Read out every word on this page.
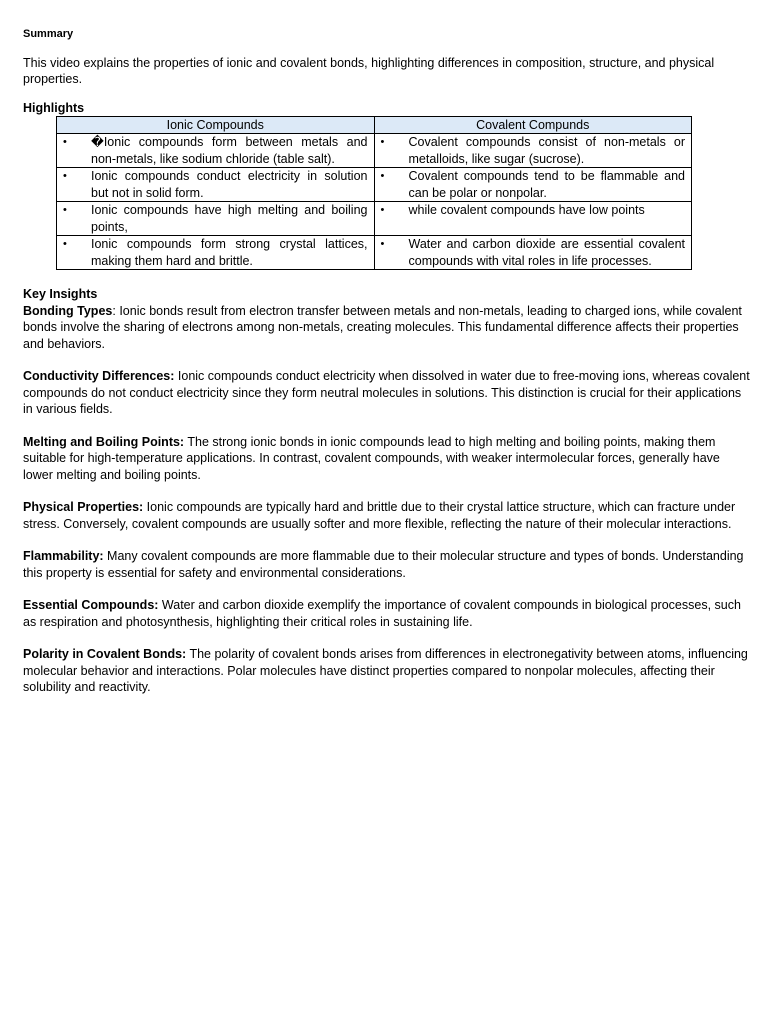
Summary
This video explains the properties of ionic and covalent bonds, highlighting differences in composition, structure, and physical properties.
Highlights
Ionic Compounds	Covalent Compunds

• �Ionic compounds form between metals and non-metals, like sodium chloride (table salt).	• Covalent compounds consist of non-metals or metalloids, like sugar (sucrose).

• Ionic compounds conduct electricity in solution but not in solid form.	• Covalent compounds tend to be flammable and can be polar or nonpolar.

• Ionic compounds have high melting and boiling points,	• while covalent compounds have low points

• Ionic compounds form strong crystal lattices, making them hard and brittle.	• Water and carbon dioxide are essential covalent compounds with vital roles in life processes.
Key Insights
Bonding Types: Ionic bonds result from electron transfer between metals and non-metals, leading to charged ions, while covalent bonds involve the sharing of electrons among non-metals, creating molecules. This fundamental difference affects their properties and behaviors.
Conductivity Differences: Ionic compounds conduct electricity when dissolved in water due to free-moving ions, whereas covalent compounds do not conduct electricity since they form neutral molecules in solutions. This distinction is crucial for their applications in various fields.
Melting and Boiling Points: The strong ionic bonds in ionic compounds lead to high melting and boiling points, making them suitable for high-temperature applications. In contrast, covalent compounds, with weaker intermolecular forces, generally have lower melting and boiling points.
Physical Properties: Ionic compounds are typically hard and brittle due to their crystal lattice structure, which can fracture under stress. Conversely, covalent compounds are usually softer and more flexible, reflecting the nature of their molecular interactions.
Flammability: Many covalent compounds are more flammable due to their molecular structure and types of bonds. Understanding this property is essential for safety and environmental considerations.
Essential Compounds: Water and carbon dioxide exemplify the importance of covalent compounds in biological processes, such as respiration and photosynthesis, highlighting their critical roles in sustaining life.
Polarity in Covalent Bonds: The polarity of covalent bonds arises from differences in electronegativity between atoms, influencing molecular behavior and interactions. Polar molecules have distinct properties compared to nonpolar molecules, affecting their solubility and reactivity.
